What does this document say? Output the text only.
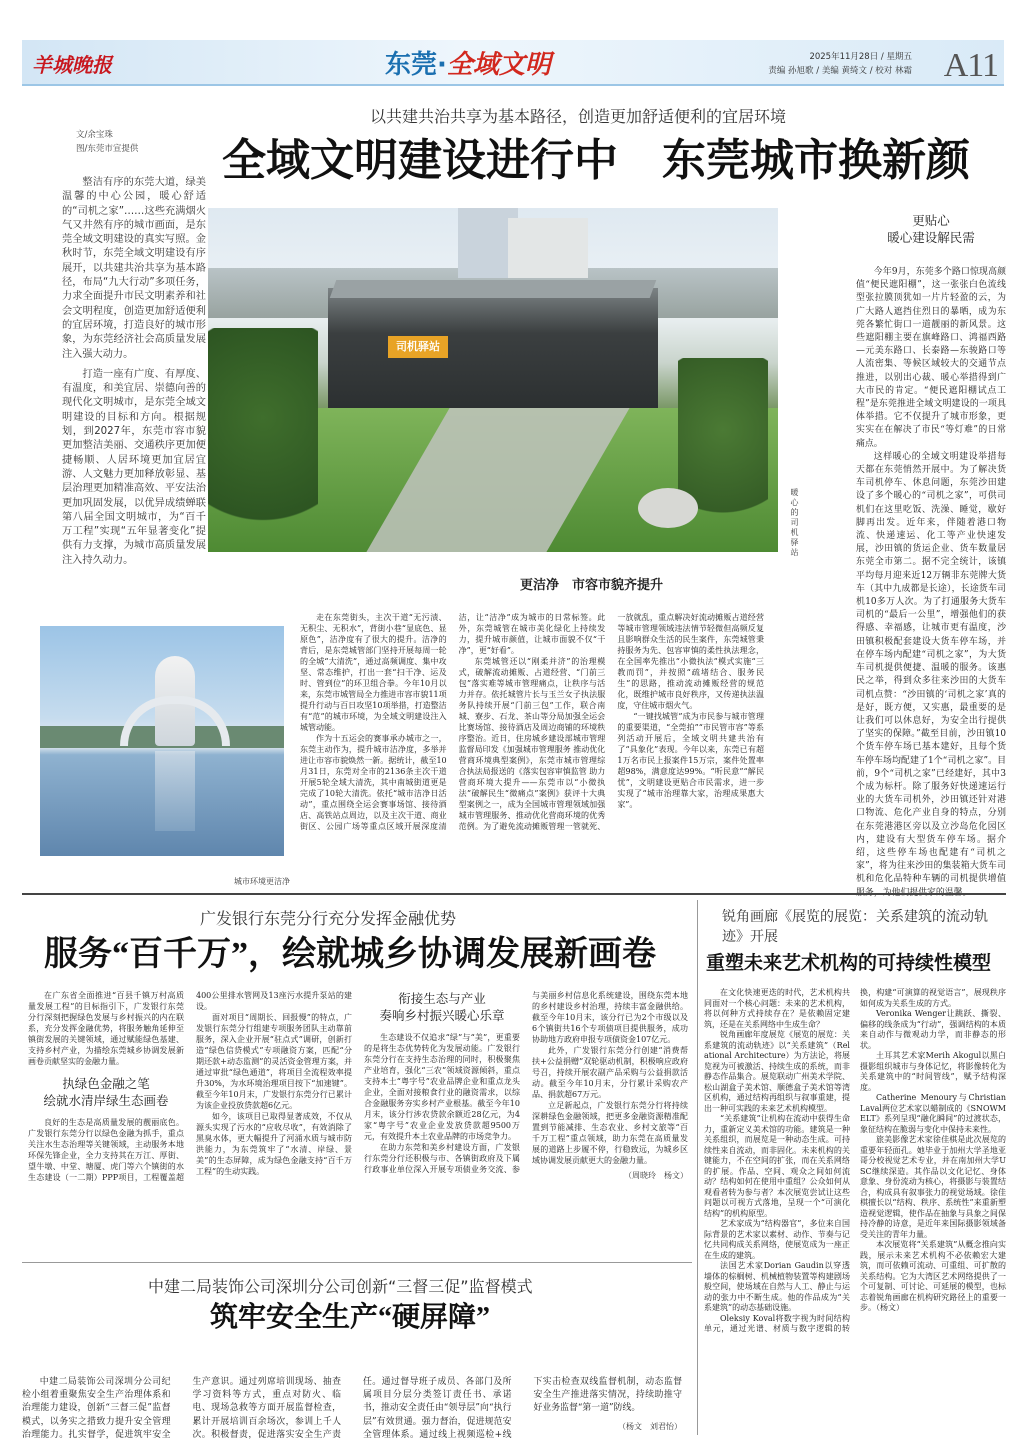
羊城晚报	东莞·全域文明	2025年11月28日 / 星期五
责编 孙旭歌 / 美编 黄绮文 / 校对 林霜 A11
以共建共治共享为基本路径，创造更加舒适便利的宜居环境
全域文明建设进行中　东莞城市换新颜
文/余宝珠
图/东莞市宣提供

整洁有序的东莞大道，绿美温馨的中心公园，暖心舒适的“司机之家”……这些充满烟火气又井然有序的城市画面，是东莞全域文明建设的真实写照。金秋时节，东莞全域文明建设有序展开，以共建共治共享为基本路径，布局“九大行动”多项任务，力求全面提升市民文明素养和社会文明程度，创造更加舒适便利的宜居环境，打造良好的城市形象，为东莞经济社会高质量发展注入强大动力。

打造一座有广度、有厚度、有温度，和美宜居、崇德向善的现代化文明城市，是东莞全域文明建设的目标和方向。根据规划，到2027年，东莞市容市貌更加整洁美丽、交通秩序更加便捷畅顺、人居环境更加宜居宜游、人文魅力更加释放彰显、基层治理更加精准高效、平安法治更加巩固发展，以优异成绩蝉联第八届全国文明城市，为“百千万工程”实现“五年显著变化”提供有力支撑，为城市高质量发展注入持久动力。

司机驿站
暖心的司机驿站
更洁净　市容市貌齐提升
城市环境更洁净

走在东莞街头，主次干道“无污渍、无积尘、无积水”，背街小巷“显底色、显原色”，洁净度有了很大的提升。洁净的背后，是东莞城管部门坚持开展每周一轮的全城“大清洗”，通过高频调度、集中攻坚、常态维护，打出一套“扫干净、运及时、管到位”的环卫组合拳。今年10月以来，东莞市城管局全力推进市容市貌11项提升行动与百日攻坚10项举措，打造整洁有“范”的城市环境，为全域文明建设注入城管动能。

作为十五运会的赛事承办城市之一，东莞主动作为，提升城市洁净度，多举并进让市容市貌焕然一新。据统计，截至10月31日，东莞对全市的2136条主次干道开展5轮全域大清洗，其中南城街道更是完成了10轮大清洗。依托“城市洁净日活动”，重点围绕全运会赛事场馆、接待酒店、高铁站点周边，以及主次干道、商业街区、公园广场等重点区域开展深度清洁，让“洁净”成为城市的日常标签。此外，东莞城管在城市美化绿化上持续发力，提升城市颜值，让城市面貌不仅“干净”，更“好看”。

东莞城管还以“刚柔并济”的治理模式，破解流动摊贩、占道经营、“门前三包”落实难等城市管理痛点，让秩序与活力并存。依托城管片长与玉兰女子执法服务队持续开展“门前三包”工作，联合南城、寮步、石龙、茶山等分局加强全运会比赛场馆、接待酒店及周边商铺的环境秩序整治。近日，住房城乡建设部城市管理监督局印发《加强城市管理服务 推动优化营商环境典型案例》，东莞市城市管理综合执法局报送的《落实包容审慎监管 助力营商环境大提升——东莞市以“小微执法”破解民生“微痛点”案例》获评十大典型案例之一，成为全国城市管理领域加强城市管理服务、推动优化营商环境的优秀范例。为了避免流动摊贩管理一管就死、一放就乱，重点解决好流动摊贩占道经营等城市管理领域违法情节轻微但高频反复且影响群众生活的民生案件，东莞城管秉持服务为先、包容审慎的柔性执法理念，在全国率先推出“小微执法”模式实施“三教而罚”，并按照“疏堵结合、服务民生”的思路，推动流动摊贩经营的规范化，既维护城市良好秩序，又传递执法温度，守住城市烟火气。

“一键找城管”成为市民参与城市管理的重要渠道，“全莞拍”“市民管市容”等系列活动开展后，全域文明共建共治有了“具象化”表现。今年以来，东莞已有超1万名市民上报案件15万宗，案件处置率超98%，满意度达99%。“听民意”“解民忧”，文明建设更贴合市民需求，进一步实现了“城市治理靠大家，治理成果惠大家”。

更贴心
暖心建设解民需

今年9月，东莞多个路口惊现高颜值“便民遮阳棚”，这一张张白色流线型张拉膜顶犹如一片片轻盈的云，为广大路人遮挡住烈日的暴晒，成为东莞各繁忙街口一道靓丽的新风景。这些遮阳棚主要在旗峰路口、鸿福西路—元美东路口、长泰路—东骏路口等人流密集、等候区域较大的交通节点推进，以别出心裁、暖心举措得到广大市民的肯定。“便民遮阳棚试点工程”是东莞推进全域文明建设的一项具体举措。它不仅提升了城市形象，更实实在在解决了市民“等灯难”的日常痛点。

这样暖心的全域文明建设举措每天都在东莞悄然开展中。为了解决货车司机停车、休息问题，东莞沙田建设了多个暖心的“司机之家”，可供司机们在这里吃饭、洗澡、睡觉，歇好脚再出发。近年来，伴随着港口物流、快递速运、化工等产业快速发展，沙田镇的货运企业、货车数量居东莞全市第二。据不完全统计，该镇平均每月迎来近12万辆非东莞牌大货车（其中九成都是长途），长途货车司机10多万人次。为了打通服务大货车司机的“最后一公里”，增强他们的获得感、幸福感，让城市更有温度，沙田镇积极配套建设大货车停车场，并在停车场内配建“司机之家”，为大货车司机提供便捷、温暖的服务。该惠民之举，得到众多往来沙田的大货车司机点赞：“沙田镇的‘司机之家’真的是好，既方便，又实惠，最重要的是让我们可以休息好，为安全出行提供了坚实的保障。”截至目前，沙田镇10个货车停车场已基本建好，且每个货车停车场均配建了1个“司机之家”。目前，9个“司机之家”已经建好，其中3个成为标杆。除了服务好快递速运行业的大货车司机外，沙田镇还针对港口物流、危化产业自身的特点，分别在东莞港港区旁以及立沙岛危化园区内，建设有大型货车停车场。据介绍，这些停车场也配建有“司机之家”，将为往来沙田的集装箱大货车司机和危化品特种车辆的司机提供增值

广发银行东莞分行充分发挥金融优势
服务“百千万”，绘就城乡协调发展新画卷

在广东省全面推进“百县千镇万村高质量发展工程”的目标指引下，广发银行东莞分行深刻把握绿色发展与乡村振兴的内在联系，充分发挥金融优势，将服务触角延伸至镇街发展的关键领域，通过赋能绿色基建、支持乡村产业，为描绘东莞城乡协调发展新画卷贡献坚实的金融力量。

执绿色金融之笔
绘就水清岸绿生态画卷

良好的生态是高质量发展的靓丽底色。广发银行东莞分行以绿色金融为抓手，重点关注水生态治理等关键领域，主动服务本地环保先锋企业，全力支持其在万江、厚街、望牛墩、中堂、塘厦、虎门等六个镇街的水生态建设（一二期）PPP项目，工程覆盖超400公里排水管网及13座污水提升泵站的建设。

面对项目“周期长、回报慢”的特点，广发银行东莞分行组建专项服务团队主动靠前服务，深入企业开展“驻点式”调研，创新打造“绿色信贷模式”专项融资方案，匹配“分期还款+动态监测”的灵活资金管理方案，并通过审批“绿色通道”，将项目全流程效率提升30%，为水环境治理项目按下“加速键”。截至今年10月末，广发银行东莞分行已累计为该企业投放贷款超6亿元。

如今，该项目已取得显著成效，不仅从源头实现了污水的“应收尽收”，有效消除了黑臭水体，更大幅提升了河涌水质与城市防洪能力，为东莞筑牢了“水清、岸绿、景美”的生态屏障，成为绿色金融支持“百千万工程”的生动实践。

衔接生态与产业
奏响乡村振兴暖心乐章

生态建设不仅追求“绿”与“美”，更重要的是将生态优势转化为发展动能。广发银行东莞分行在支持生态治理的同时，积极聚焦产业培育，强化“三农”领域资源倾斜，重点支持本土“粤字号”农业品牌企业和重点龙头企业，全面对接粮食行业的融资需求，以综合金融服务夯实乡村产业根基。截至今年10月末，该分行涉农贷款余额近28亿元，为4家“粤字号”农业企业发放贷款超9500万元，有效提升本土农业品牌的市场竞争力。

在助力东莞和美乡村建设方面，广发银行东莞分行还积极与市、各镇街政府及下属行政事业单位深入开展专项债业务交流、参与美丽乡村信息化系统建设，围绕东莞本地的乡村建设乡村治理，持续丰富金融供给。截至今年10月末，该分行已为2个市级以及6个镇街共16个专项债项目提供服务，成功协助地方政府申报专项债资金107亿元。

此外，广发银行东莞分行创建“消费帮扶+公益捐赠”双轮驱动机制，积极响应政府号召，持续开展农副产品采购与公益捐款活动。截至今年10月末，分行累计采购农产品、捐款超67万元。

立足新起点，广发银行东莞分行将持续深耕绿色金融领域，把更多金融资源精准配置到节能减排、生态农业、乡村文旅等“百千万工程”重点领域，助力东莞在高质量发展的道路上步履不停，行稳致远，为城乡区域协调发展贡献更大的金融力量。

（周晓玲　杨文）

锐角画廊《展览的展览：关系建筑的流动轨迹》开展
重塑未来艺术机构的可持续性模型

在文化快速更迭的时代，艺术机构共同面对一个核心问题：未来的艺术机构，将以何种方式持续存在？是依赖固定建筑，还是在关系网络中生成生命？

锐角画廊年度展览《展览的展览：关系建筑的流动轨迹》以“关系建筑”（Relational Architecture）为方法论，将展览视为可被激活、持续生成的系统，而非静态作品集合。展览联动广州美术学院、松山湖盒子美术馆、顺德盒子美术馆等湾区机构，通过结构再组织与叙事重建，提出一种可实践的未来艺术机构模型。

“关系建筑”让机构在流动中获得生命力，重新定义美术馆的功能。建筑是一种关系组织，而展览是一种动态生成。可持续性来自流动，而非固化。未来机构的关键能力，不在空间的扩张，而在关系网络的扩展。作品、空间、观众之间如何流动？结构如何在使用中重组？公众如何从观看者转为参与者？本次展览尝试让这些问题以可视方式落地，呈现一个“可演化结构”的机构原型。

艺术家成为“结构器官”，多位来自国际背景的艺术家以素材、动作、节奏与记忆共同构成关系网络，使展览成为一座正在生成的建筑。

法国艺术家Dorian Gaudin以穿透墙体的棕榈树、机械植物装置等构建剧场般空间，使场域在自然与人工、静止与运动的张力中不断生成。他的作品成为“关系建筑”的动态基础设施。

Oleksiy Koval将数字视为时间结构单元，通过光谱、材质与数字逻辑的转换，构建“可演算的视觉语言”，展现秩序如何成为关系生成的方式。

Veronika Wenger让跳跃、撕裂、偏移的线条成为“行动”，强调结构的本质来自动作与微观动力学，而非静态的形状。

土耳其艺术家Merih Akogul以黑白摄影组织城市与身体记忆，将影像转化为关系建筑中的“时间管线”，赋予结构深度。

Catherine Menoury与Christian Laval两位艺术家以蜡制成的《SNOWMELT》系列呈现“融化瞬间”的过渡状态，象征结构在脆弱与变化中保持未来性。

旅美影像艺术家徐佳棋是此次展览的重要年轻面孔。她毕业于加州大学圣地亚哥分校视觉艺术专业，并在南加州大学USC继续深造。其作品以文化记忆、身体意象、身份流动为核心，将摄影与装置结合，构成具有叙事张力的视觉场域。徐佳棋擅长以“结构、秩序、系统性”来重新塑造视觉逻辑，使作品在抽象与具象之间保持冷静的诗意，是近年来国际摄影领域备受关注的青年力量。

本次展览将“关系建筑”从概念推向实践，展示未来艺术机构不必依赖宏大建筑，而可依赖可流动、可重组、可扩散的关系结构。它为大湾区艺术网络提供了一个可复制、可讨论、可延展的模型，也标志着锐角画廊在机构研究路径上的重要一步。（杨文）

中建二局装饰公司深圳分公司创新“三督三促”监督模式
筑牢安全生产“硬屏障”

中建二局装饰公司深圳分公司纪检小组着重聚焦安全生产治理体系和治理能力建设，创新“三督三促”监督模式，以务实之措致力提升安全管理治理能力。扎实督学，促进筑牢安全生产意识。通过列席培训现场、抽查学习资料等方式，重点对防火、临电、现场急救等方面开展监督检查，累计开展培训百余场次，参训上千人次。积极督责，促进落实安全生产责任。通过督导班子成员、各部门及所属项目分层分类签订责任书、承诺书，推动安全责任由“领导层”向“执行层”有效贯通。强力督治，促进规范安全管理体系。通过线上视频巡检+线下实击检查双线监督机制，动态监督安全生产推进落实情况，持续助推守好业务监督“第一道”防线。

（杨文　刘君怡）
